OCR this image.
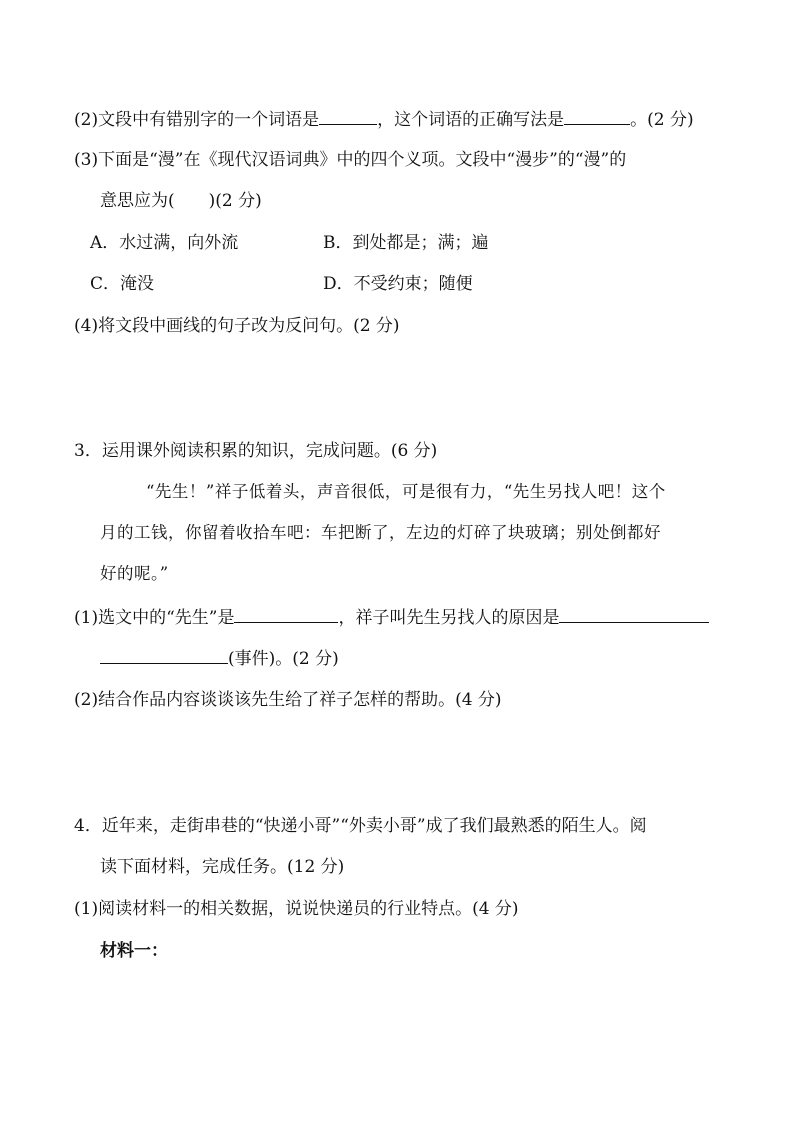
(2)文段中有错别字的一个词语是	，这个词语的正确写法是	。(2 分)
(3)下面是“漫”在《现代汉语词典》中的四个义项。文段中“漫步”的“漫”的
意思应为(　　)(2 分)
A．水过满，向外流	B．到处都是；满；遍
C．淹没	D．不受约束；随便
(4)将文段中画线的句子改为反问句。(2 分)
3．运用课外阅读积累的知识，完成问题。(6 分)
“先生！”祥子低着头，声音很低，可是很有力，“先生另找人吧！这个
月的工钱，你留着收拾车吧：车把断了，左边的灯碎了块玻璃；别处倒都好
好的呢。”
(1)选文中的“先生”是	，祥子叫先生另找人的原因是
(事件)。(2 分)
(2)结合作品内容谈谈该先生给了祥子怎样的帮助。(4 分)
4．近年来，走街串巷的“快递小哥”“外卖小哥”成了我们最熟悉的陌生人。阅
读下面材料，完成任务。(12 分)
(1)阅读材料一的相关数据，说说快递员的行业特点。(4 分)
材料一：
